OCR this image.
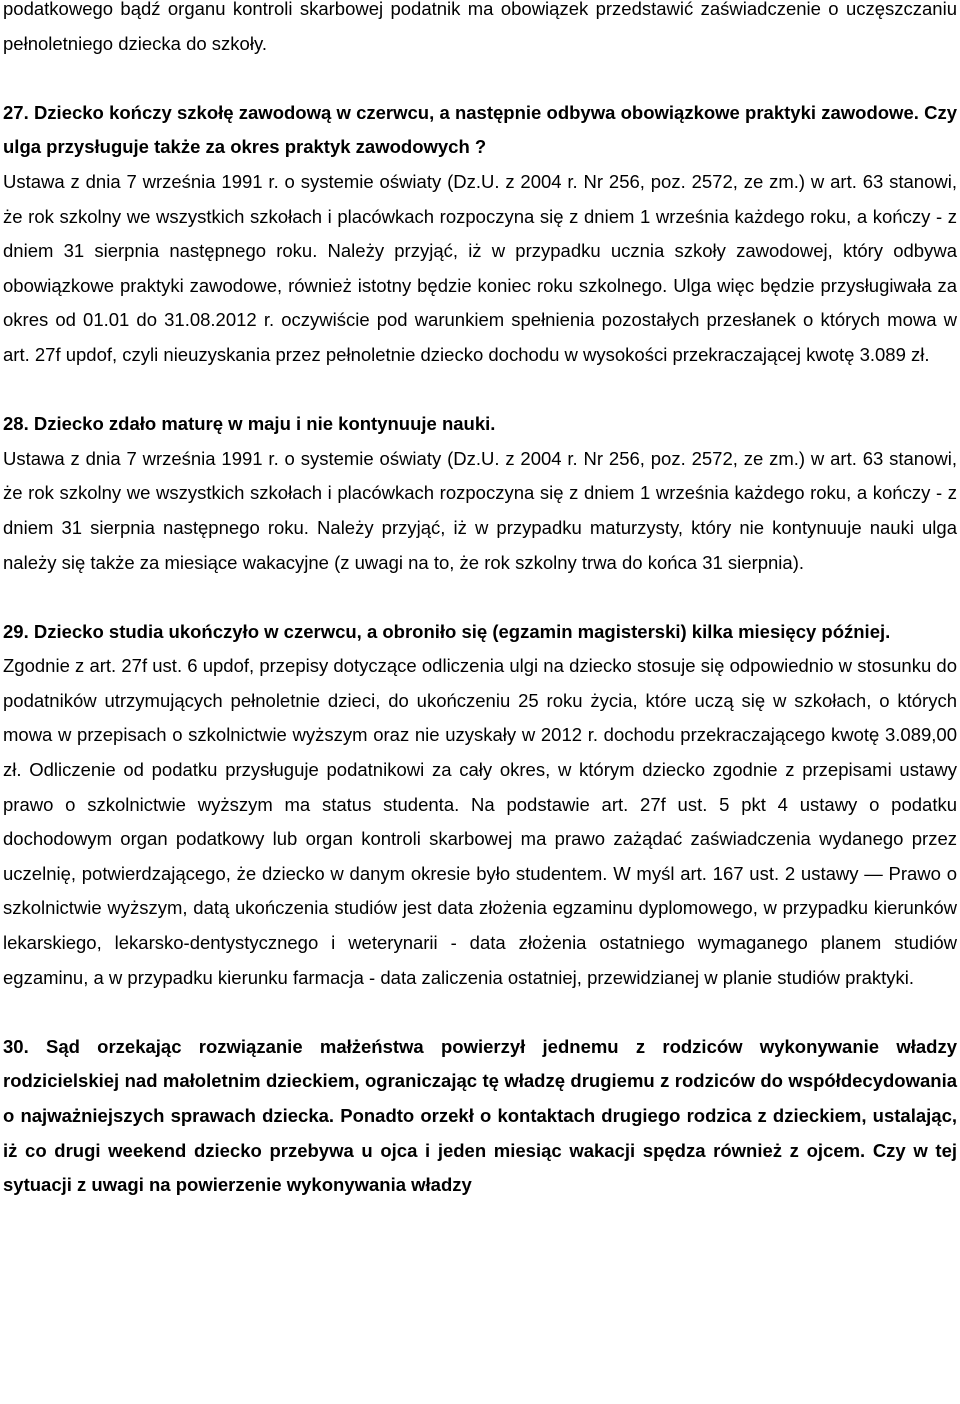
podatkowego bądź organu kontroli skarbowej podatnik ma obowiązek przedstawić zaświadczenie o uczęszczaniu pełnoletniego dziecka do szkoły.

27. Dziecko kończy szkołę zawodową w czerwcu, a następnie odbywa obowiązkowe praktyki zawodowe. Czy ulga przysługuje także za okres praktyk zawodowych ?

Ustawa z dnia 7 września 1991 r. o systemie oświaty (Dz.U. z 2004 r. Nr 256, poz. 2572, ze zm.) w art. 63 stanowi, że rok szkolny we wszystkich szkołach i placówkach rozpoczyna się z dniem 1 września każdego roku, a kończy - z dniem 31 sierpnia następnego roku. Należy przyjąć, iż w przypadku ucznia szkoły zawodowej, który odbywa obowiązkowe praktyki zawodowe, również istotny będzie koniec roku szkolnego. Ulga więc będzie przysługiwała za okres od 01.01 do 31.08.2012 r. oczywiście pod warunkiem spełnienia pozostałych przesłanek o których mowa w art. 27f updof, czyli nieuzyskania przez pełnoletnie dziecko dochodu w wysokości przekraczającej kwotę 3.089 zł.

28. Dziecko zdało maturę w maju i nie kontynuuje nauki.

Ustawa z dnia 7 września 1991 r. o systemie oświaty (Dz.U. z 2004 r. Nr 256, poz. 2572, ze zm.) w art. 63 stanowi, że rok szkolny we wszystkich szkołach i placówkach rozpoczyna się z dniem 1 września każdego roku, a kończy - z dniem 31 sierpnia następnego roku. Należy przyjąć, iż w przypadku maturzysty, który nie kontynuuje nauki ulga należy się także za miesiące wakacyjne (z uwagi na to, że rok szkolny trwa do końca 31 sierpnia).

29. Dziecko studia ukończyło w czerwcu, a obroniło się (egzamin magisterski) kilka miesięcy później.

Zgodnie z art. 27f ust. 6 updof, przepisy dotyczące odliczenia ulgi na dziecko stosuje się odpowiednio w stosunku do podatników utrzymujących pełnoletnie dzieci, do ukończeniu 25 roku życia, które uczą się w szkołach, o których mowa w przepisach o szkolnictwie wyższym oraz nie uzyskały w 2012 r. dochodu przekraczającego kwotę 3.089,00 zł. Odliczenie od podatku przysługuje podatnikowi za cały okres, w którym dziecko zgodnie z przepisami ustawy prawo o szkolnictwie wyższym ma status studenta. Na podstawie art. 27f ust. 5 pkt 4 ustawy o podatku dochodowym organ podatkowy lub organ kontroli skarbowej ma prawo zażądać zaświadczenia wydanego przez uczelnię, potwierdzającego, że dziecko w danym okresie było studentem. W myśl art. 167 ust. 2 ustawy ― Prawo o szkolnictwie wyższym, datą ukończenia studiów jest data złożenia egzaminu dyplomowego, w przypadku kierunków lekarskiego, lekarsko-dentystycznego i weterynarii - data złożenia ostatniego wymaganego planem studiów egzaminu, a w przypadku kierunku farmacja - data zaliczenia ostatniej, przewidzianej w planie studiów praktyki.

30. Sąd orzekając rozwiązanie małżeństwa powierzył jednemu z rodziców wykonywanie władzy rodzicielskiej nad małoletnim dzieckiem, ograniczając tę władzę drugiemu z rodziców do współdecydowania o najważniejszych sprawach dziecka. Ponadto orzekł o kontaktach drugiego rodzica z dzieckiem, ustalając, iż co drugi weekend dziecko przebywa u ojca i jeden miesiąc wakacji spędza również z ojcem. Czy w tej sytuacji z uwagi na powierzenie wykonywania władzy
